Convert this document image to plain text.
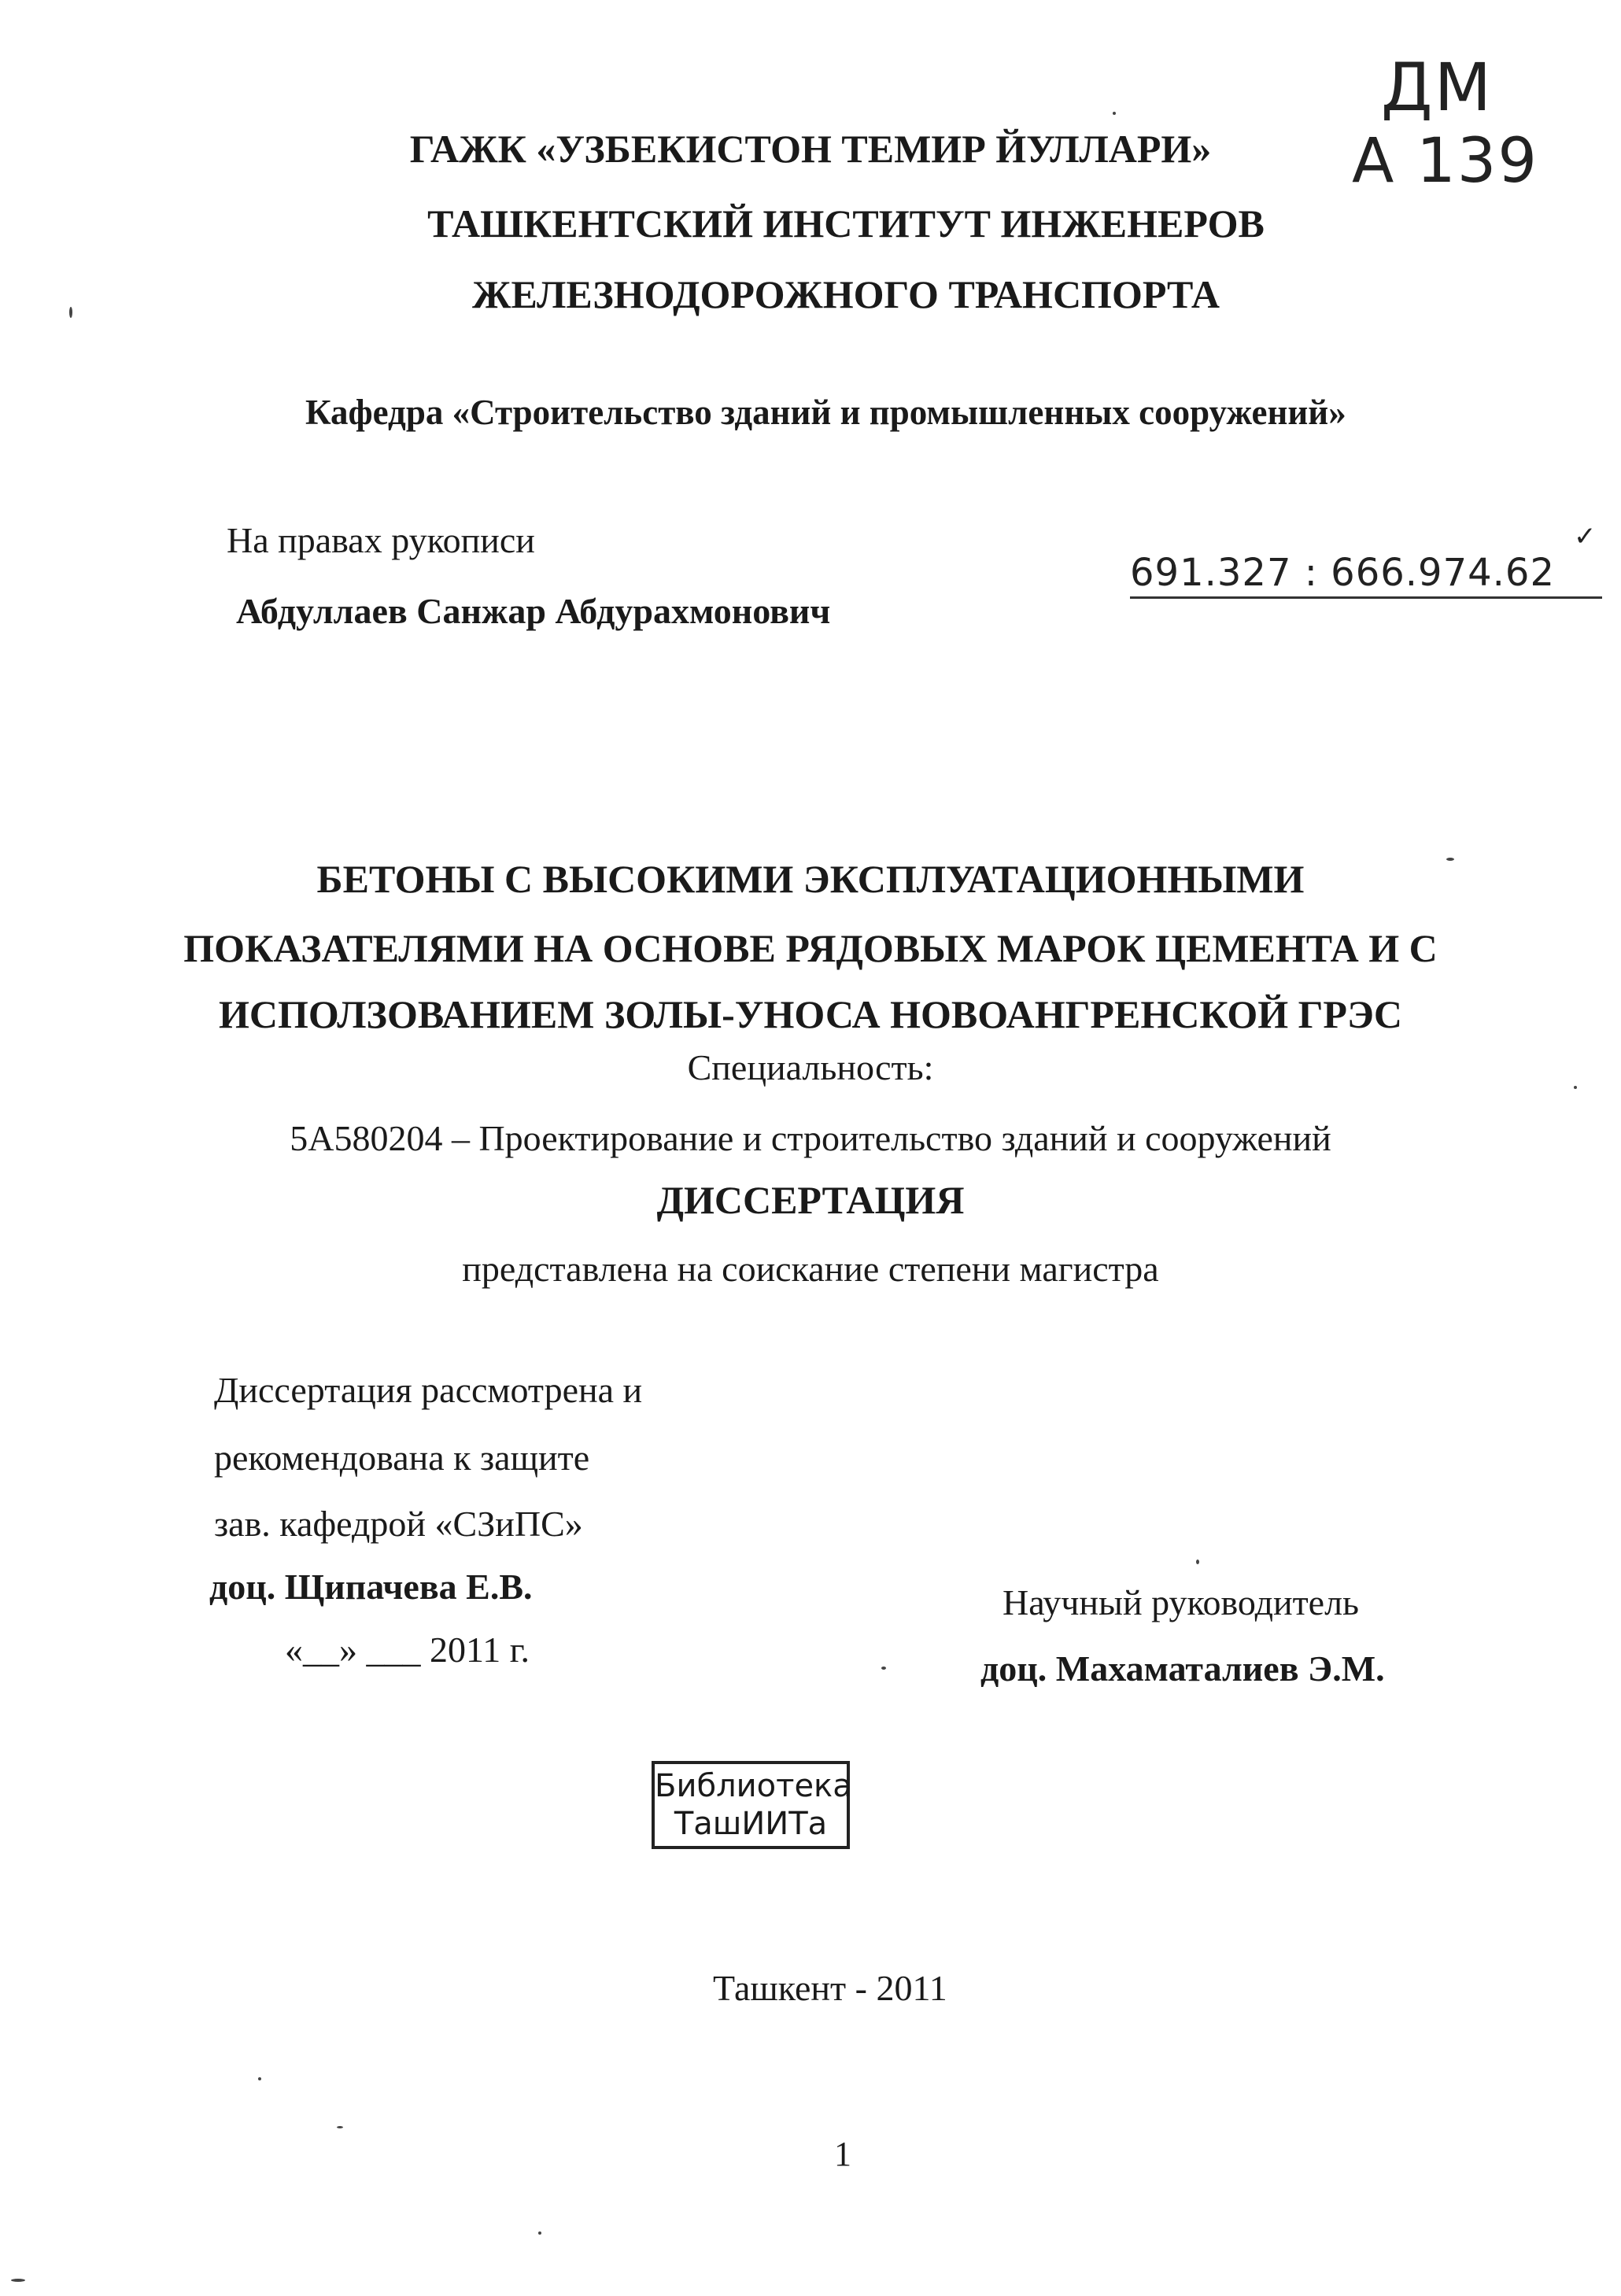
ГАЖК «УЗБЕКИСТОН ТЕМИР ЙУЛЛАРИ»
ТАШКЕНТСКИЙ ИНСТИТУТ ИНЖЕНЕРОВ
ЖЕЛЕЗНОДОРОЖНОГО ТРАНСПОРТА
ДМ
А 139
Кафедра «Строительство зданий и промышленных сооружений»
На правах рукописи
Абдуллаев Санжар Абдурахмонович
691.327 : 666.974.62
✓
БЕТОНЫ С ВЫСОКИМИ ЭКСПЛУАТАЦИОННЫМИ
ПОКАЗАТЕЛЯМИ НА ОСНОВЕ РЯДОВЫХ МАРОК ЦЕМЕНТА И С
ИСПОЛЗОВАНИЕМ ЗОЛЫ-УНОСА НОВОАНГРЕНСКОЙ ГРЭС
Специальность:
5А580204 – Проектирование и строительство зданий и сооружений
ДИССЕРТАЦИЯ
представлена на соискание степени магистра
Диссертация рассмотрена и
рекомендована к защите
зав. кафедрой «СЗиПС»
доц. Щипачева Е.В.
«__» ___ 2011 г.
Научный руководитель
доц. Махаматалиев Э.М.
Библиотека
ТашИИТа
Ташкент - 2011
1
